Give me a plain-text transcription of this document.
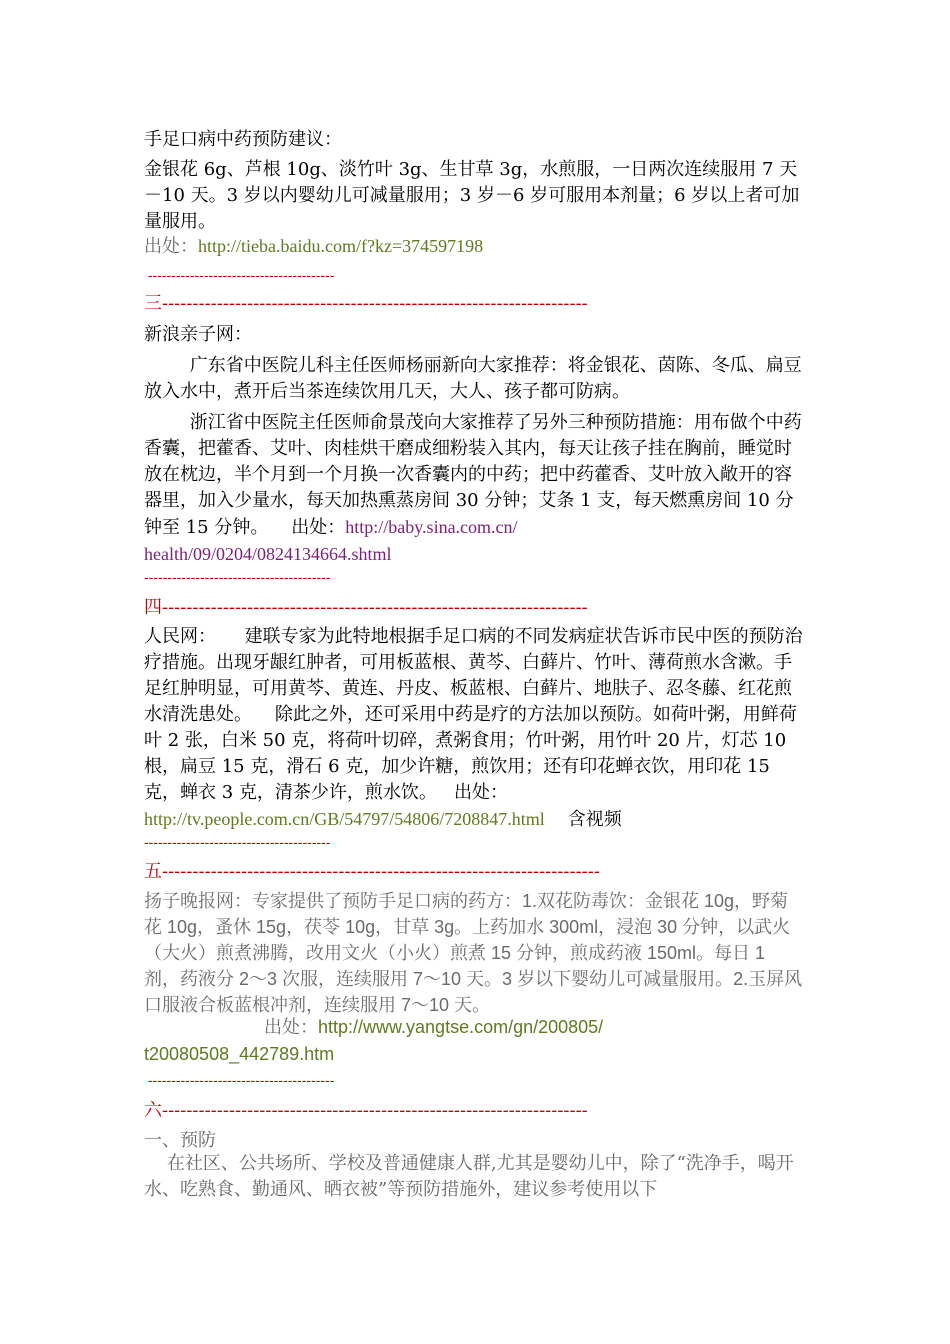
手足口病中药预防建议：

金银花 6g、芦根 10g、淡竹叶 3g、生甘草 3g，水煎服，一日两次连续服用 7 天－10 天。3 岁以内婴幼儿可减量服用；3 岁－6 岁可服用本剂量；6 岁以上者可加量服用。

出处：http://tieba.baidu.com/f?kz=374597198

----------------------------------------

三----------------------------------------------------------------------

新浪亲子网：

广东省中医院儿科主任医师杨丽新向大家推荐：将金银花、茵陈、冬瓜、扁豆放入水中，煮开后当茶连续饮用几天，大人、孩子都可防病。

浙江省中医院主任医师俞景茂向大家推荐了另外三种预防措施：用布做个中药香囊，把藿香、艾叶、肉桂烘干磨成细粉装入其内，每天让孩子挂在胸前，睡觉时放在枕边，半个月到一个月换一次香囊内的中药；把中药藿香、艾叶放入敞开的容器里，加入少量水，每天加热熏蒸房间 30 分钟；艾条 1 支，每天燃熏房间 10 分钟至 15 分钟。    出处：http://baby.sina.com.cn/
health/09/0204/0824134664.shtml

----------------------------------------

四----------------------------------------------------------------------

人民网：     建联专家为此特地根据手足口病的不同发病症状告诉市民中医的预防治疗措施。出现牙龈红肿者，可用板蓝根、黄芩、白藓片、竹叶、薄荷煎水含漱。手足红肿明显，可用黄芩、黄连、丹皮、板蓝根、白藓片、地肤子、忍冬藤、红花煎水清洗患处。    除此之外，还可采用中药是疗的方法加以预防。如荷叶粥，用鲜荷叶 2 张，白米 50 克，将荷叶切碎，煮粥食用；竹叶粥，用竹叶 20 片，灯芯 10 根，扁豆 15 克，滑石 6 克，加少许糖，煎饮用；还有印花蝉衣饮，用印花 15 克，蝉衣 3 克，清茶少许，煎水饮。   出处：
http://tv.people.com.cn/GB/54797/54806/7208847.html 含视频

----------------------------------------

五------------------------------------------------------------------------

扬子晚报网：专家提供了预防手足口病的药方：1.双花防毒饮：金银花 10g，野菊花 10g，蚤休 15g，茯苓 10g，甘草 3g。上药加水 300ml，浸泡 30 分钟，以武火（大火）煎煮沸腾，改用文火（小火）煎煮 15 分钟，煎成药液 150ml。每日 1 剂，药液分 2～3 次服，连续服用 7～10 天。3 岁以下婴幼儿可减量服用。2.玉屏风口服液合板蓝根冲剂，连续服用 7～10 天。

出处：http://www.yangtse.com/gn/200805/
t20080508_442789.htm

----------------------------------------

六----------------------------------------------------------------------

一、预防

在社区、公共场所、学校及普通健康人群,尤其是婴幼儿中，除了“洗净手，喝开水、吃熟食、勤通风、晒衣被”等预防措施外，建议参考使用以下
